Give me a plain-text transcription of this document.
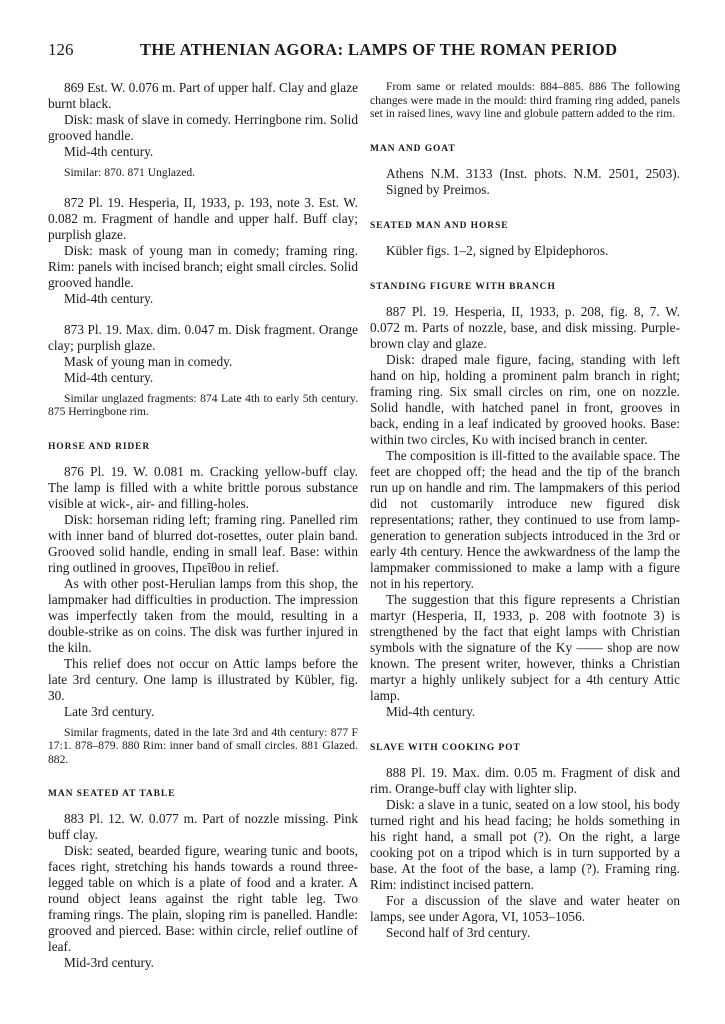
126	THE ATHENIAN AGORA: LAMPS OF THE ROMAN PERIOD

869 Est. W. 0.076 m. Part of upper half. Clay and glaze burnt black.

Disk: mask of slave in comedy. Herringbone rim. Solid grooved handle.

Mid-4th century.

Similar: 870. 871 Unglazed.

872 Pl. 19. Hesperia, II, 1933, p. 193, note 3. Est. W. 0.082 m. Fragment of handle and upper half. Buff clay; purplish glaze.

Disk: mask of young man in comedy; framing ring. Rim: panels with incised branch; eight small circles. Solid grooved handle.

Mid-4th century.

873 Pl. 19. Max. dim. 0.047 m. Disk fragment. Orange clay; purplish glaze.

Mask of young man in comedy.

Mid-4th century.

Similar unglazed fragments: 874 Late 4th to early 5th century. 875 Herringbone rim.

HORSE AND RIDER

876 Pl. 19. W. 0.081 m. Cracking yellow-buff clay. The lamp is filled with a white brittle porous substance visible at wick-, air- and filling-holes.

Disk: horseman riding left; framing ring. Panelled rim with inner band of blurred dot-rosettes, outer plain band. Grooved solid handle, ending in small leaf. Base: within ring outlined in grooves, Πιρεῖθου in relief.

As with other post-Herulian lamps from this shop, the lampmaker had difficulties in production. The impression was imperfectly taken from the mould, resulting in a double-strike as on coins. The disk was further injured in the kiln.

This relief does not occur on Attic lamps before the late 3rd century. One lamp is illustrated by Kübler, fig. 30.

Late 3rd century.

Similar fragments, dated in the late 3rd and 4th century: 877 F 17:1. 878–879. 880 Rim: inner band of small circles. 881 Glazed. 882.

MAN SEATED AT TABLE

883 Pl. 12. W. 0.077 m. Part of nozzle missing. Pink buff clay.

Disk: seated, bearded figure, wearing tunic and boots, faces right, stretching his hands towards a round three-legged table on which is a plate of food and a krater. A round object leans against the right table leg. Two framing rings. The plain, sloping rim is panelled. Handle: grooved and pierced. Base: within circle, relief outline of leaf.

Mid-3rd century.

From same or related moulds: 884–885. 886 The following changes were made in the mould: third framing ring added, panels set in raised lines, wavy line and globule pattern added to the rim.

MAN AND GOAT

Athens N.M. 3133 (Inst. phots. N.M. 2501, 2503). Signed by Preimos.

SEATED MAN AND HORSE

Kübler figs. 1–2, signed by Elpidephoros.

STANDING FIGURE WITH BRANCH

887 Pl. 19. Hesperia, II, 1933, p. 208, fig. 8, 7. W. 0.072 m. Parts of nozzle, base, and disk missing. Purple-brown clay and glaze.

Disk: draped male figure, facing, standing with left hand on hip, holding a prominent palm branch in right; framing ring. Six small circles on rim, one on nozzle. Solid handle, with hatched panel in front, grooves in back, ending in a leaf indicated by grooved hooks. Base: within two circles, Kυ with incised branch in center.

The composition is ill-fitted to the available space. The feet are chopped off; the head and the tip of the branch run up on handle and rim. The lampmakers of this period did not customarily introduce new figured disk representations; rather, they continued to use from lamp-generation to generation subjects introduced in the 3rd or early 4th century. Hence the awkwardness of the lamp the lampmaker commissioned to make a lamp with a figure not in his repertory.

The suggestion that this figure represents a Christian martyr (Hesperia, II, 1933, p. 208 with footnote 3) is strengthened by the fact that eight lamps with Christian symbols with the signature of the Ky —— shop are now known. The present writer, however, thinks a Christian martyr a highly unlikely subject for a 4th century Attic lamp.

Mid-4th century.

SLAVE WITH COOKING POT

888 Pl. 19. Max. dim. 0.05 m. Fragment of disk and rim. Orange-buff clay with lighter slip.

Disk: a slave in a tunic, seated on a low stool, his body turned right and his head facing; he holds something in his right hand, a small pot (?). On the right, a large cooking pot on a tripod which is in turn supported by a base. At the foot of the base, a lamp (?). Framing ring. Rim: indistinct incised pattern.

For a discussion of the slave and water heater on lamps, see under Agora, VI, 1053–1056.

Second half of 3rd century.
